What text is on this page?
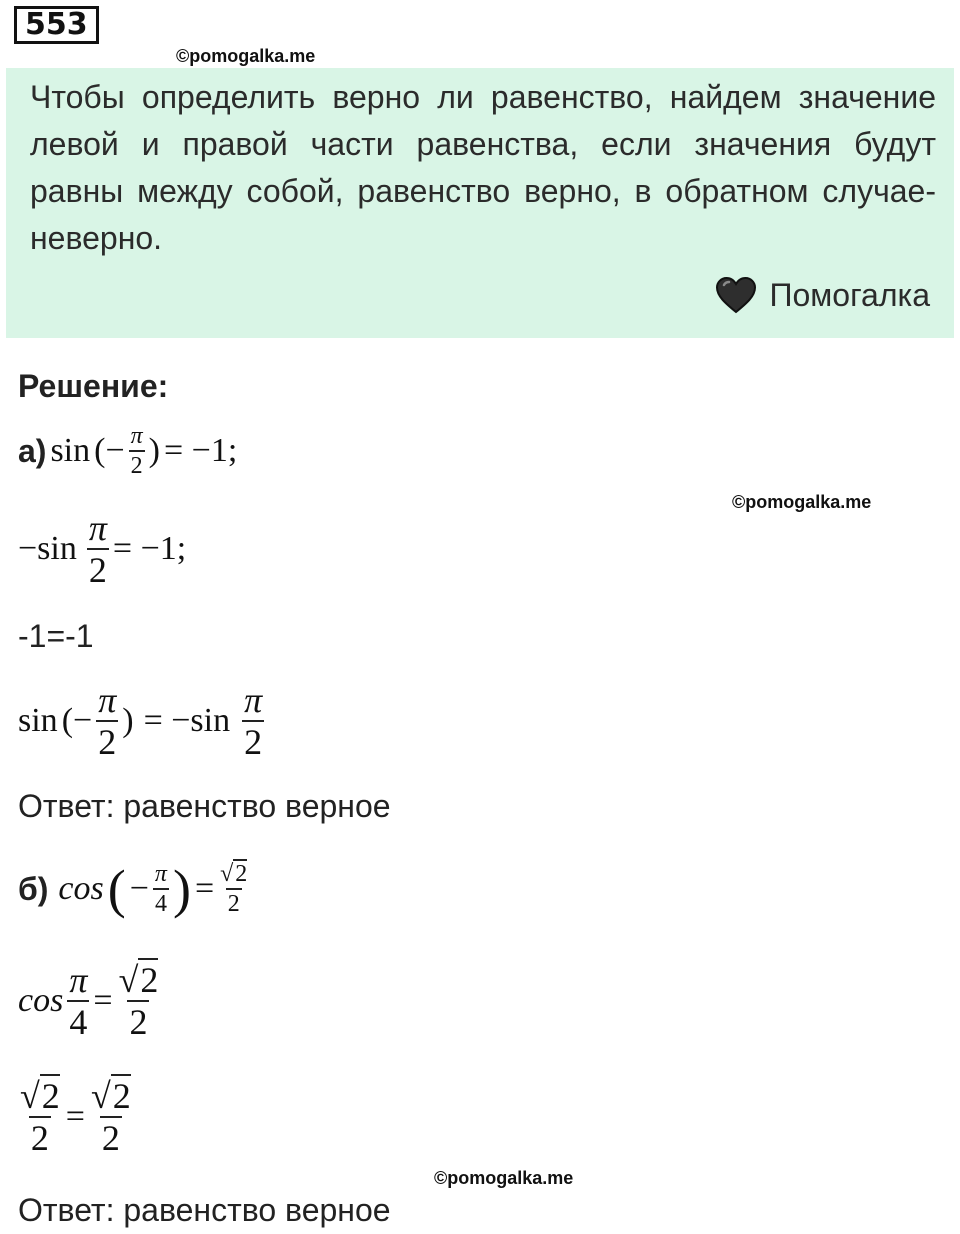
553
©pomogalka.me
Чтобы определить верно ли равенство, найдем значение левой и правой части равенства, если значения будут равны между собой, равенство верно, в обратном случае- неверно.
Помогалка
Решение:
а) sin (− $\frac{\pi}{2}$ ) = −1;
©pomogalka.me
$-\sin \frac{\pi}{2} = -1$;
-1=-1
sin (− $\frac{\pi}{2}$ ) = $-\sin \frac{\pi}{2}$
Ответ: равенство верное
б) cos ( − $\frac{\pi}{4}$ ) = $\frac{√2}{2}$
$\cos \frac{\pi}{4} = \frac{√2}{2}$
$\frac{√2}{2} = \frac{√2}{2}$
©pomogalka.me
Ответ: равенство верное
